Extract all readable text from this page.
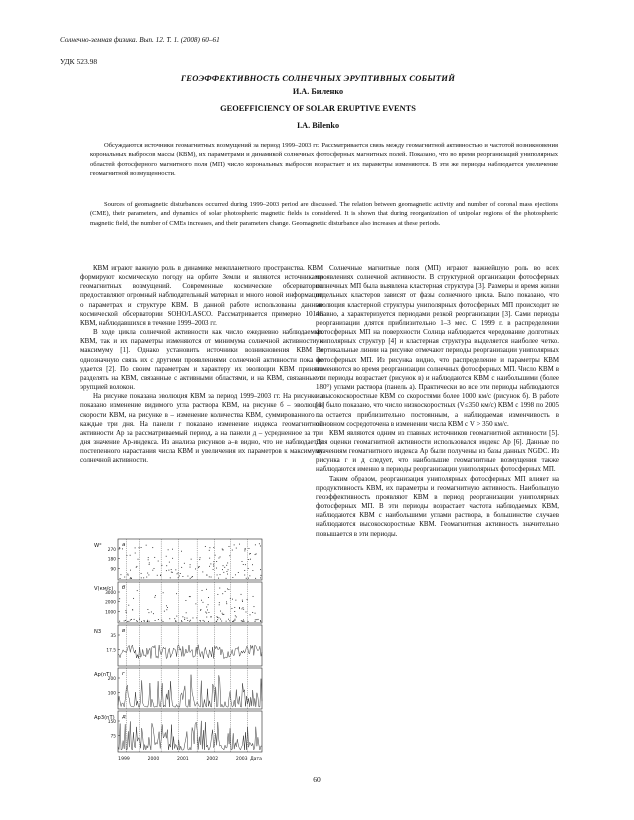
Солнечно-земная физика. Вып. 12. Т. 1. (2008) 60–61
УДК 523.98
ГЕОЭФФЕКТИВНОСТЬ СОЛНЕЧНЫХ ЭРУПТИВНЫХ СОБЫТИЙ
И.А. Биленко
GEOEFFICIENCY OF SOLAR ERUPTIVE EVENTS
I.A. Bilenko
Обсуждаются источники геомагнитных возмущений за период 1999–2003 гг. Рассматривается связь между геомагнитной активностью и частотой возникновения корональных выбросов массы (КВМ), их параметрами и динамикой солнечных фотосферных магнитных полей. Показано, что во время реорганизаций униполярных областей фотосферного магнитного поля (МП) число корональных выбросов возрастает и их параметры изменяются. В эти же периоды наблюдается увеличение геомагнитной возмущенности.
Sources of geomagnetic disturbances occurred during 1999–2003 period are discussed. The relation between geomagnetic activity and number of coronal mass ejections (CME), their parameters, and dynamics of solar photospheric magnetic fields is considered. It is shown that during reorganization of unipolar regions of the photospheric magnetic field, the number of CMEs increases, and their parameters change. Geomagnetic disturbance also increases at these periods.

КВМ играют важную роль в динамике межпланетного пространства. КВМ формируют космическую погоду на орбите Земли и являются источниками геомагнитных возмущений. Современные космические обсерватории предоставляют огромный наблюдательный материал и много новой информации о параметрах и структуре КВМ. В данной работе использованы данные космической обсерватории SOHO/LASCO. Рассматривается примерно 10146 КВМ, наблюдавшихся в течение 1999–2003 гг.

В ходе цикла солнечной активности как число ежедневно наблюдаемых КВМ, так и их параметры изменяются от минимума солнечной активности к максимуму [1]. Однако установить источники возникновения КВМ и однозначную связь их с другими проявлениями солнечной активности пока не удается [2]. По своим параметрам и характеру их эволюции КВМ принято разделять на КВМ, связанные с активными областями, и на КВМ, связанные с эрупцией волокон.

На рисунке показана эволюция КВМ за период 1999–2003 гг. На рисунке а показано изменение видимого угла раствора КВМ, на рисунке б – эволюция скорости КВМ, на рисунке в – изменение количества КВМ, суммированного за каждые три дня. На панели г показано изменение индекса геомагнитной активности Ap за рассматриваемый период, а на панели д – усредненное за три дня значение Ap-индекса. Из анализа рисунков а–в видно, что не наблюдается постепенного нарастания числа КВМ и увеличения их параметров к максимуму солнечной активности.

W°	а
270
180
90
V(км/с) б
3000
2000
1000
N3	в
35
17.5
Ap(nT) г
200
100
Ap3(nT) д
150
75
1999	2000	2001	2002	2003 Дата

Солнечные магнитные поля (МП) играют важнейшую роль во всех проявлениях солнечной активности. В структурной организации фотосферных солнечных МП была выявлена кластерная структура [3]. Размеры и время жизни отдельных кластеров зависят от фазы солнечного цикла. Было показано, что эволюция кластерной структуры униполярных фотосферных МП происходит не плавно, а характеризуется периодами резкой реорганизации [3]. Сами периоды реорганизации длятся приблизительно 1–3 мес. С 1999 г. в распределении фотосферных МП на поверхности Солнца наблюдается чередование долготных униполярных структур [4] и кластерная структура выделяется наиболее четко. Вертикальные линии на рисунке отмечают периоды реорганизации униполярных фотосферных МП. Из рисунка видно, что распределение и параметры КВМ изменяются во время реорганизации солнечных фотосферных МП. Число КВМ в эти периоды возрастает (рисунок в) и наблюдаются КВМ с наибольшими (более 180°) углами раствора (панель а). Практически во все эти периоды наблюдаются и высокоскоростные КВМ со скоростями более 1000 км/с (рисунок б). В работе [1] было показано, что число низкоскоростных (V≤350 км/с) КВМ с 1998 по 2005 г. остается приблизительно постоянным, а наблюдаемая изменчивость в основном сосредоточена в изменении числа КВМ с V > 350 км/с.

КВМ являются одним из главных источников геомагнитной активности [5]. Для оценки геомагнитной активности использовался индекс Ap [6]. Данные по значениям геомагнитного индекса Ap были получены из базы данных NGDC. Из рисунка г и д следует, что наибольшие геомагнитные возмущения также наблюдаются именно в периоды реорганизации униполярных фотосферных МП.

Таким образом, реорганизация униполярных фотосферных МП влияет на продуктивность КВМ, их параметры и геомагнитную активность. Наибольшую геоэффективность проявляют КВМ в период реорганизации униполярных фотосферных МП. В эти периоды возрастает частота наблюдаемых КВМ, наблюдаются КВМ с наибольшими углами раствора, в большинстве случаев наблюдаются высокоскоростные КВМ. Геомагнитная активность значительно повышается в эти периоды.

60
